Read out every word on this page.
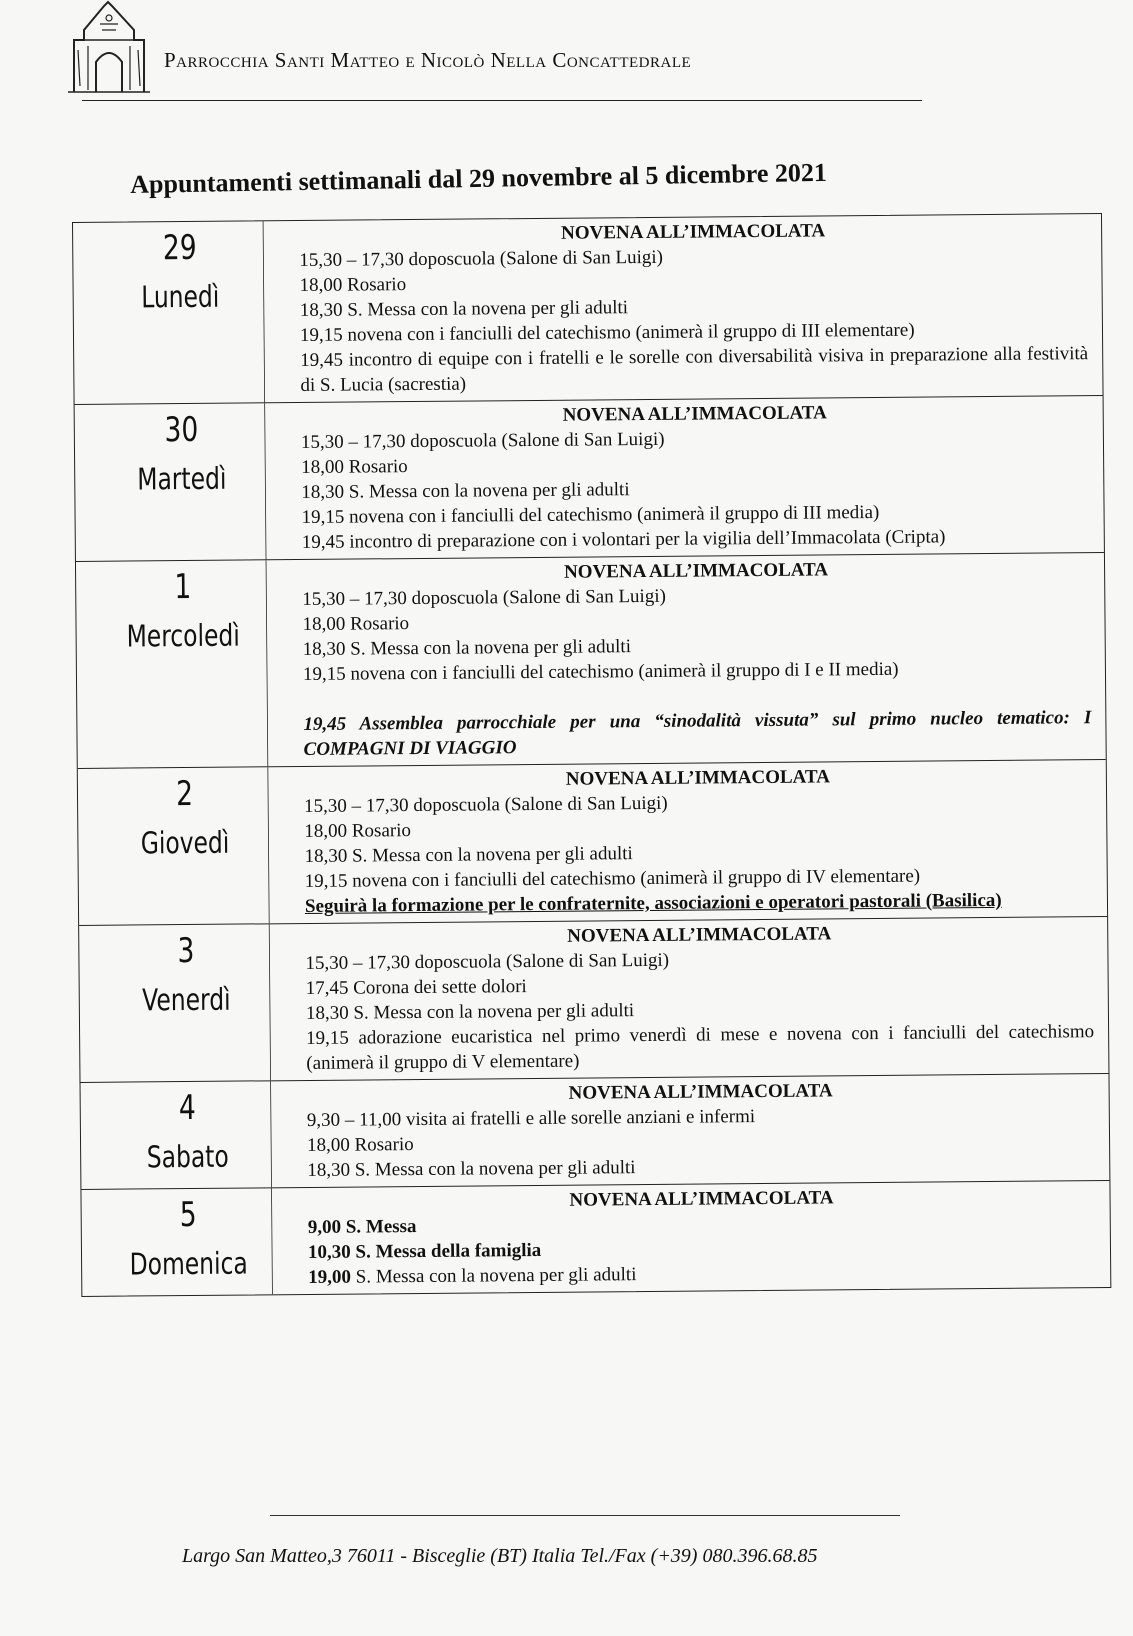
Parrocchia Santi Matteo e Nicolò Nella Concattedrale
Appuntamenti settimanali dal 29 novembre al 5 dicembre 2021
29
Lunedì
NOVENA ALL’IMMACOLATA
15,30 – 17,30 doposcuola (Salone di San Luigi)
18,00 Rosario
18,30 S. Messa con la novena per gli adulti
19,15 novena con i fanciulli del catechismo (animerà il gruppo di III elementare)
19,45 incontro di equipe con i fratelli e le sorelle con diversabilità visiva in preparazione alla festività di S. Lucia (sacrestia)
30
Martedì
NOVENA ALL’IMMACOLATA
15,30 – 17,30 doposcuola (Salone di San Luigi)
18,00 Rosario
18,30 S. Messa con la novena per gli adulti
19,15 novena con i fanciulli del catechismo (animerà il gruppo di III media)
19,45 incontro di preparazione con i volontari per la vigilia dell’Immacolata (Cripta)
1
Mercoledì
NOVENA ALL’IMMACOLATA
15,30 – 17,30 doposcuola (Salone di San Luigi)
18,00 Rosario
18,30 S. Messa con la novena per gli adulti
19,15 novena con i fanciulli del catechismo (animerà il gruppo di I e II media)
19,45 Assemblea parrocchiale per una “sinodalità vissuta” sul primo nucleo tematico: I COMPAGNI DI VIAGGIO
2
Giovedì
NOVENA ALL’IMMACOLATA
15,30 – 17,30 doposcuola (Salone di San Luigi)
18,00 Rosario
18,30 S. Messa con la novena per gli adulti
19,15 novena con i fanciulli del catechismo (animerà il gruppo di IV elementare)
Seguirà la formazione per le confraternite, associazioni e operatori pastorali (Basilica)
3
Venerdì
NOVENA ALL’IMMACOLATA
15,30 – 17,30 doposcuola (Salone di San Luigi)
17,45 Corona dei sette dolori
18,30 S. Messa con la novena per gli adulti
19,15 adorazione eucaristica nel primo venerdì di mese e novena con i fanciulli del catechismo (animerà il gruppo di V elementare)
4
Sabato
NOVENA ALL’IMMACOLATA
9,30 – 11,00 visita ai fratelli e alle sorelle anziani e infermi
18,00 Rosario
18,30 S. Messa con la novena per gli adulti
5
Domenica
NOVENA ALL’IMMACOLATA
9,00 S. Messa
10,30 S. Messa della famiglia
19,00 S. Messa con la novena per gli adulti
Largo San Matteo,3 76011 - Bisceglie (BT) Italia Tel./Fax (+39) 080.396.68.85
